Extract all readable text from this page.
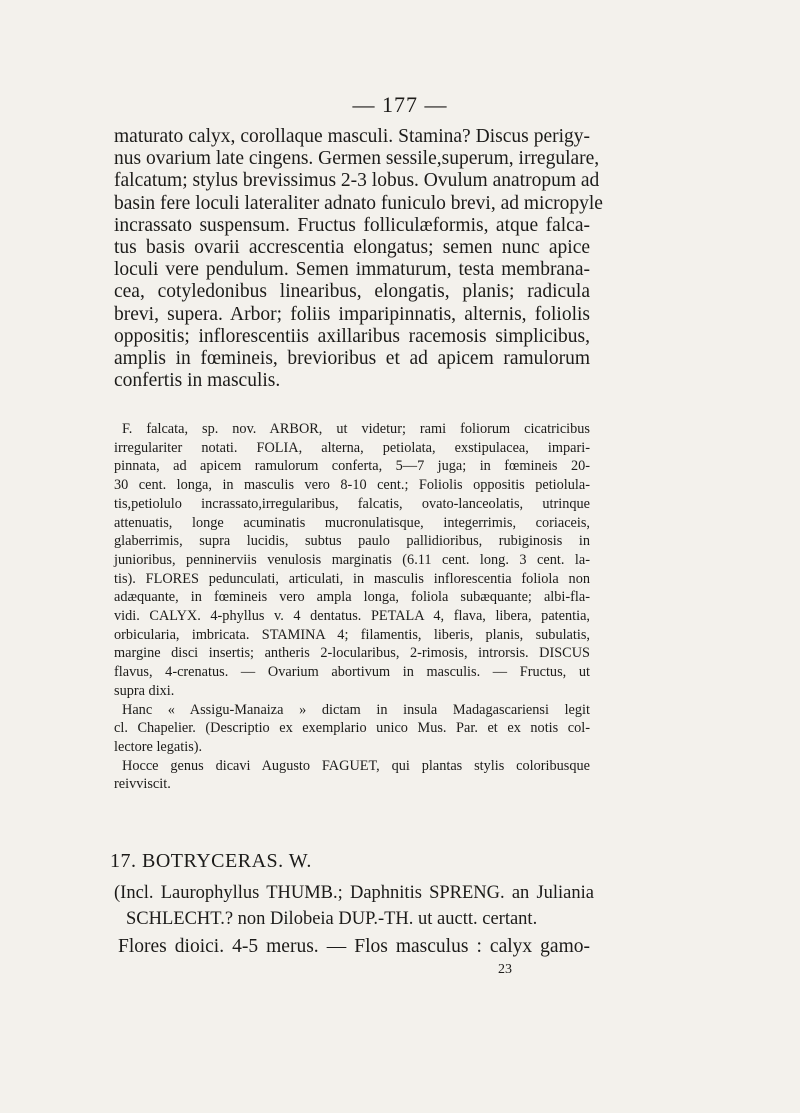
— 177 —
maturato calyx, corollaque masculi. Stamina? Discus perigy-
nus ovarium late cingens. Germen sessile,superum, irregulare,
falcatum; stylus brevissimus 2-3 lobus. Ovulum anatropum ad
basin fere loculi lateraliter adnato funiculo brevi, ad micropyle
incrassato suspensum. Fructus folliculæformis, atque falca-
tus basis ovarii accrescentia elongatus; semen nunc apice
loculi vere pendulum. Semen immaturum, testa membrana-
cea, cotyledonibus linearibus, elongatis, planis; radicula
brevi, supera. Arbor; foliis imparipinnatis, alternis, foliolis
oppositis; inflorescentiis axillaribus racemosis simplicibus,
amplis in fœmineis, brevioribus et ad apicem ramulorum
confertis in masculis.
F. falcata, sp. nov. ARBOR, ut videtur; rami foliorum cicatricibus
irregulariter notati. FOLIA, alterna, petiolata, exstipulacea, impari-
pinnata, ad apicem ramulorum conferta, 5—7 juga; in fœmineis 20-
30 cent. longa, in masculis vero 8-10 cent.; Foliolis oppositis petiolula-
tis,petiolulo incrassato,irregularibus, falcatis, ovato-lanceolatis, utrinque
attenuatis, longe acuminatis mucronulatisque, integerrimis, coriaceis,
glaberrimis, supra lucidis, subtus paulo pallidioribus, rubiginosis in
junioribus, penninerviis venulosis marginatis (6.11 cent. long. 3 cent. la-
tis). FLORES pedunculati, articulati, in masculis inflorescentia foliola non
adæquante, in fœmineis vero ampla longa, foliola subæquante; albi-fla-
vidi. CALYX. 4-phyllus v. 4 dentatus. PETALA 4, flava, libera, patentia,
orbicularia, imbricata. STAMINA 4; filamentis, liberis, planis, subulatis,
margine disci insertis; antheris 2-locularibus, 2-rimosis, introrsis. DISCUS
flavus, 4-crenatus. — Ovarium abortivum in masculis. — Fructus, ut
supra dixi.
Hanc « Assigu-Manaiza » dictam in insula Madagascariensi legit
cl. Chapelier. (Descriptio ex exemplario unico Mus. Par. et ex notis col-
lectore legatis).
Hocce genus dicavi Augusto FAGUET, qui plantas stylis coloribusque
reivviscit.
17. BOTRYCERAS. W.
(Incl. Laurophyllus THUMB.; Daphnitis SPRENG. an Juliania
SCHLECHT.? non Dilobeia DUP.-TH. ut auctt. certant.
Flores dioici. 4-5 merus. — Flos masculus : calyx gamo-
23
